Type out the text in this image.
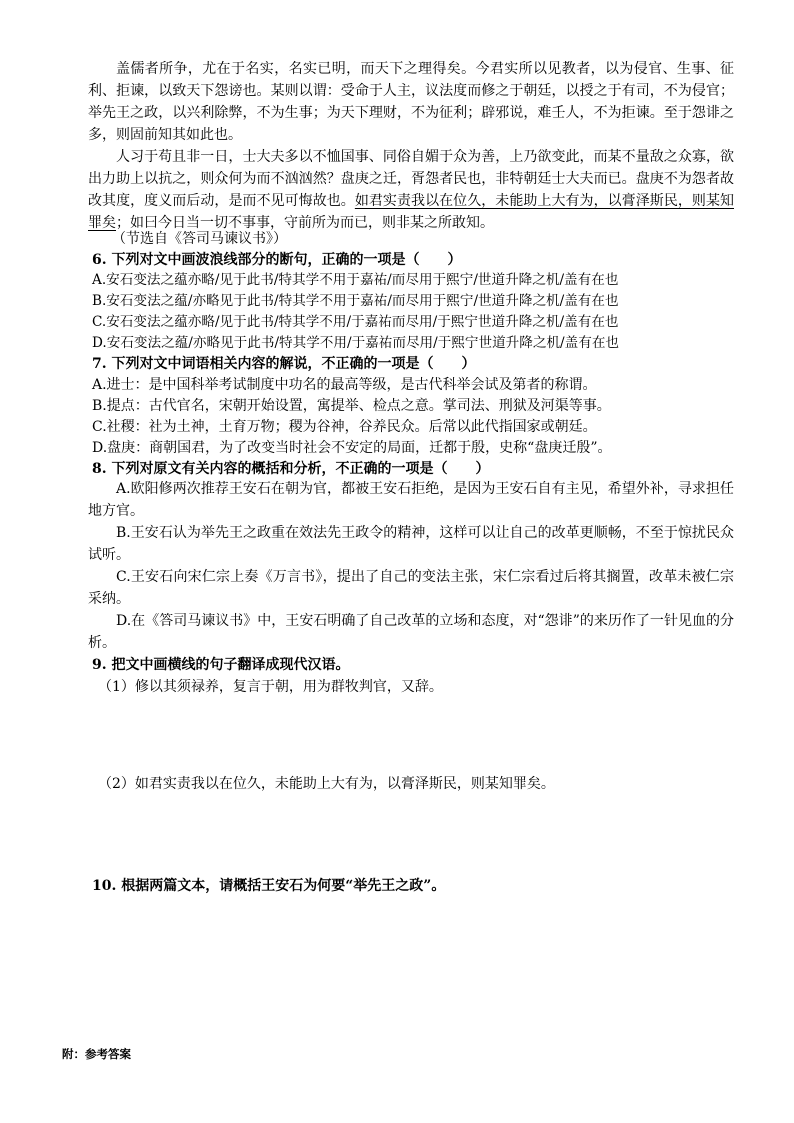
盖儒者所争，尤在于名实，名实已明，而天下之理得矣。今君实所以见教者，以为侵官、生事、征利、拒谏，以致天下怨谤也。某则以谓：受命于人主，议法度而修之于朝廷，以授之于有司，不为侵官；举先王之政，以兴利除弊，不为生事；为天下理财，不为征利；辟邪说，难壬人，不为拒谏。至于怨诽之多，则固前知其如此也。
人习于苟且非一日，士大夫多以不恤国事、同俗自媚于众为善，上乃欲变此，而某不量敌之众寡，欲出力助上以抗之，则众何为而不汹汹然？盘庚之迁，胥怨者民也，非特朝廷士大夫而已。盘庚不为怨者故改其度，度义而后动，是而不见可悔故也。如君实责我以在位久，未能助上大有为，以膏泽斯民，则某知罪矣；如曰今日当一切不事事，守前所为而已，则非某之所敢知。
（节选自《答司马谏议书》）
6. 下列对文中画波浪线部分的断句，正确的一项是（　　）
A.安石变法之蕴亦略/见于此书/特其学不用于嘉祐/而尽用于熙宁/世道升降之机/盖有在也
B.安石变法之蕴/亦略见于此书/特其学不用于嘉祐/而尽用于熙宁/世道升降之机/盖有在也
C.安石变法之蕴亦略/见于此书/特其学不用/于嘉祐而尽用/于熙宁世道升降之机/盖有在也
D.安石变法之蕴/亦略见于此书/特其学不用/于嘉祐而尽用/于熙宁世道升降之机/盖有在也
7. 下列对文中词语相关内容的解说，不正确的一项是（　　）
A.进士：是中国科举考试制度中功名的最高等级，是古代科举会试及第者的称谓。
B.提点：古代官名，宋朝开始设置，寓提举、检点之意。掌司法、刑狱及河渠等事。
C.社稷：社为土神，土育万物；稷为谷神，谷养民众。后常以此代指国家或朝廷。
D.盘庚：商朝国君，为了改变当时社会不安定的局面，迁都于殷，史称“盘庚迁殷”。
8. 下列对原文有关内容的概括和分析，不正确的一项是（　　）
A.欧阳修两次推荐王安石在朝为官，都被王安石拒绝，是因为王安石自有主见，希望外补，寻求担任地方官。
B.王安石认为举先王之政重在效法先王政令的精神，这样可以让自己的改革更顺畅，不至于惊扰民众试听。
C.王安石向宋仁宗上奏《万言书》，提出了自己的变法主张，宋仁宗看过后将其搁置，改革未被仁宗采纳。
D.在《答司马谏议书》中，王安石明确了自己改革的立场和态度，对“怨诽”的来历作了一针见血的分析。
9. 把文中画横线的句子翻译成现代汉语。
（1）修以其须禄养，复言于朝，用为群牧判官，又辞。
（2）如君实责我以在位久，未能助上大有为，以膏泽斯民，则某知罪矣。
10. 根据两篇文本，请概括王安石为何要“举先王之政”。
附：参考答案
